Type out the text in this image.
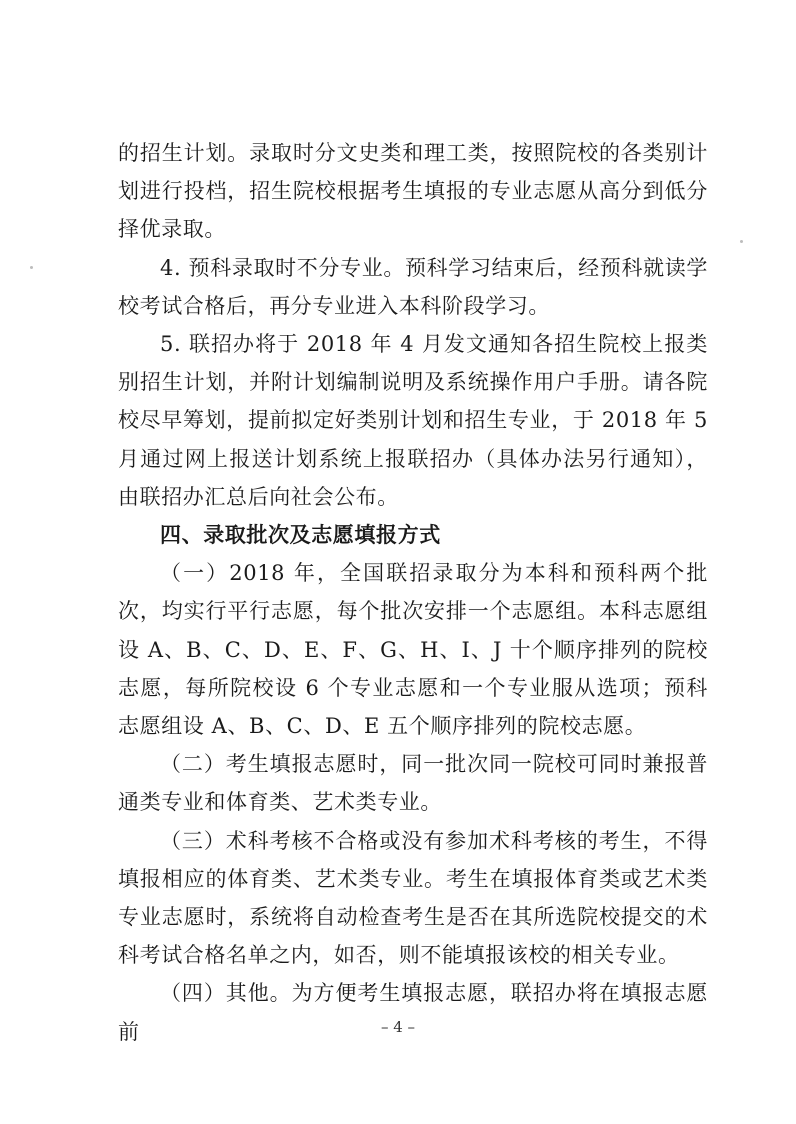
的招生计划。录取时分文史类和理工类，按照院校的各类别计划进行投档，招生院校根据考生填报的专业志愿从高分到低分择优录取。

4. 预科录取时不分专业。预科学习结束后，经预科就读学校考试合格后，再分专业进入本科阶段学习。

5. 联招办将于 2018 年 4 月发文通知各招生院校上报类别招生计划，并附计划编制说明及系统操作用户手册。请各院校尽早筹划，提前拟定好类别计划和招生专业，于 2018 年 5 月通过网上报送计划系统上报联招办（具体办法另行通知），由联招办汇总后向社会公布。

四、录取批次及志愿填报方式

（一）2018 年，全国联招录取分为本科和预科两个批次，均实行平行志愿，每个批次安排一个志愿组。本科志愿组设 A、B、C、D、E、F、G、H、I、J 十个顺序排列的院校志愿，每所院校设 6 个专业志愿和一个专业服从选项；预科志愿组设 A、B、C、D、E 五个顺序排列的院校志愿。

（二）考生填报志愿时，同一批次同一院校可同时兼报普通类专业和体育类、艺术类专业。

（三）术科考核不合格或没有参加术科考核的考生，不得填报相应的体育类、艺术类专业。考生在填报体育类或艺术类专业志愿时，系统将自动检查考生是否在其所选院校提交的术科考试合格名单之内，如否，则不能填报该校的相关专业。

（四）其他。为方便考生填报志愿，联招办将在填报志愿前	– 4 –
